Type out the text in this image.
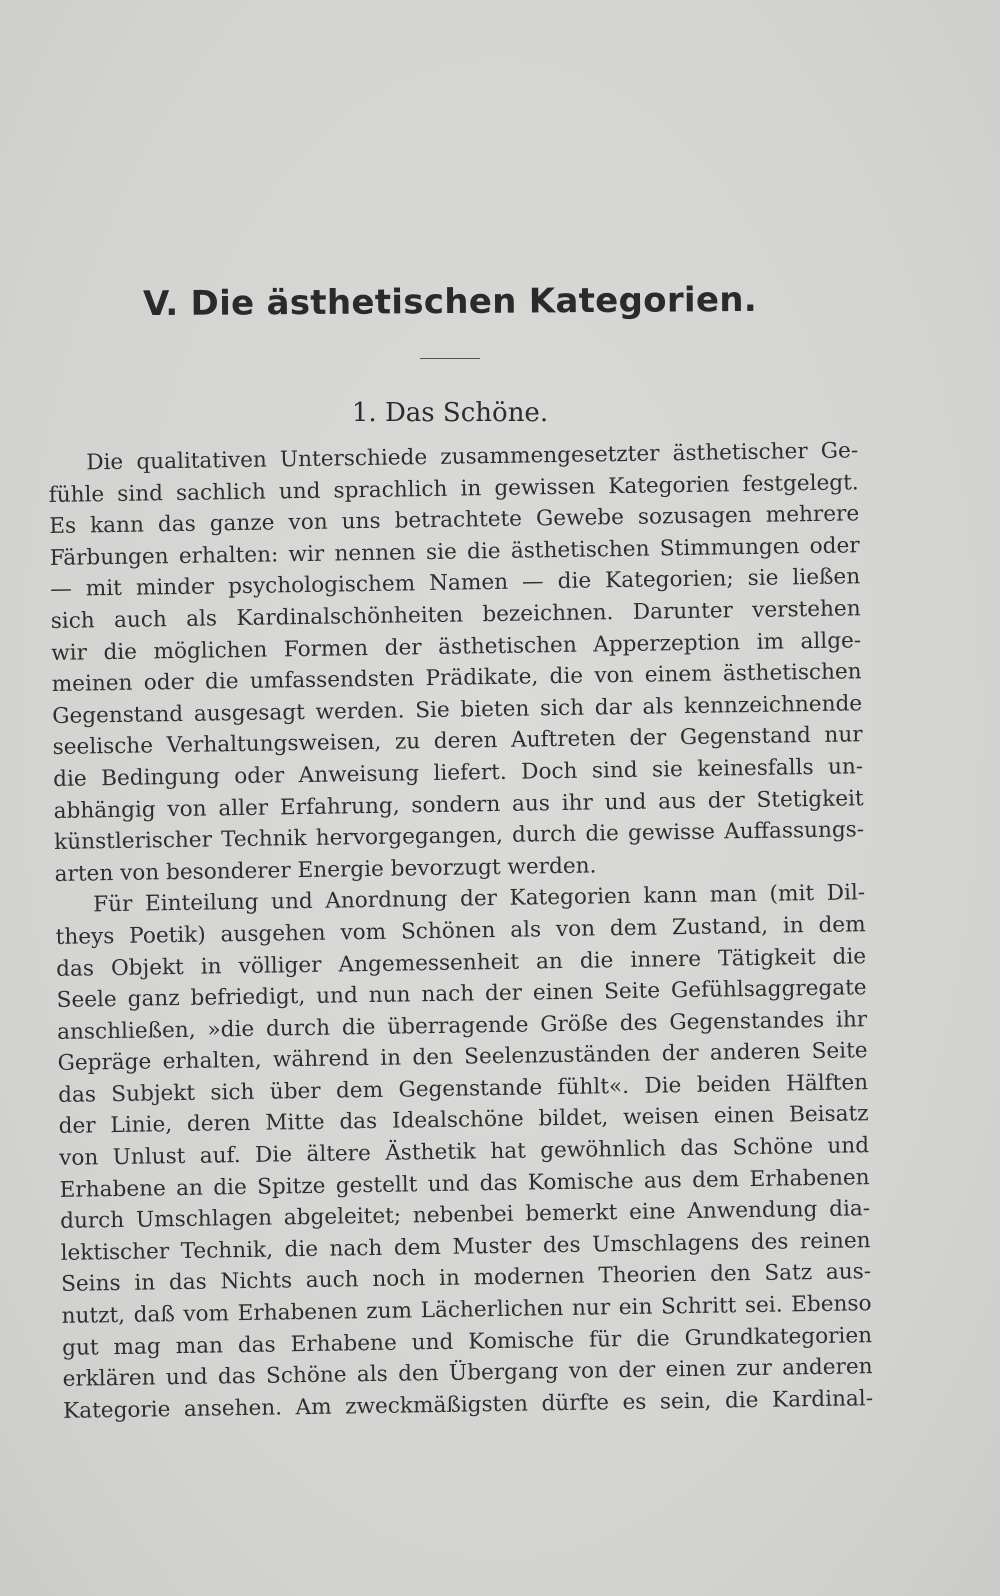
V. Die ästhetischen Kategorien.
1. Das Schöne.

Die qualitativen Unterschiede zusammengesetzter ästhetischer Ge-
fühle sind sachlich und sprachlich in gewissen Kategorien festgelegt.
Es kann das ganze von uns betrachtete Gewebe sozusagen mehrere
Färbungen erhalten: wir nennen sie die ästhetischen Stimmungen oder
— mit minder psychologischem Namen — die Kategorien; sie ließen
sich auch als Kardinalschönheiten bezeichnen. Darunter verstehen
wir die möglichen Formen der ästhetischen Apperzeption im allge-
meinen oder die umfassendsten Prädikate, die von einem ästhetischen
Gegenstand ausgesagt werden. Sie bieten sich dar als kennzeichnende
seelische Verhaltungsweisen, zu deren Auftreten der Gegenstand nur
die Bedingung oder Anweisung liefert. Doch sind sie keinesfalls un-
abhängig von aller Erfahrung, sondern aus ihr und aus der Stetigkeit
künstlerischer Technik hervorgegangen, durch die gewisse Auffassungs-
arten von besonderer Energie bevorzugt werden.

Für Einteilung und Anordnung der Kategorien kann man (mit Dil-
theys Poetik) ausgehen vom Schönen als von dem Zustand, in dem
das Objekt in völliger Angemessenheit an die innere Tätigkeit die
Seele ganz befriedigt, und nun nach der einen Seite Gefühlsaggregate
anschließen, »die durch die überragende Größe des Gegenstandes ihr
Gepräge erhalten, während in den Seelenzuständen der anderen Seite
das Subjekt sich über dem Gegenstande fühlt«. Die beiden Hälften
der Linie, deren Mitte das Idealschöne bildet, weisen einen Beisatz
von Unlust auf. Die ältere Ästhetik hat gewöhnlich das Schöne und
Erhabene an die Spitze gestellt und das Komische aus dem Erhabenen
durch Umschlagen abgeleitet; nebenbei bemerkt eine Anwendung dia-
lektischer Technik, die nach dem Muster des Umschlagens des reinen
Seins in das Nichts auch noch in modernen Theorien den Satz aus-
nutzt, daß vom Erhabenen zum Lächerlichen nur ein Schritt sei. Ebenso
gut mag man das Erhabene und Komische für die Grundkategorien
erklären und das Schöne als den Übergang von der einen zur anderen
Kategorie ansehen. Am zweckmäßigsten dürfte es sein, die Kardinal-
